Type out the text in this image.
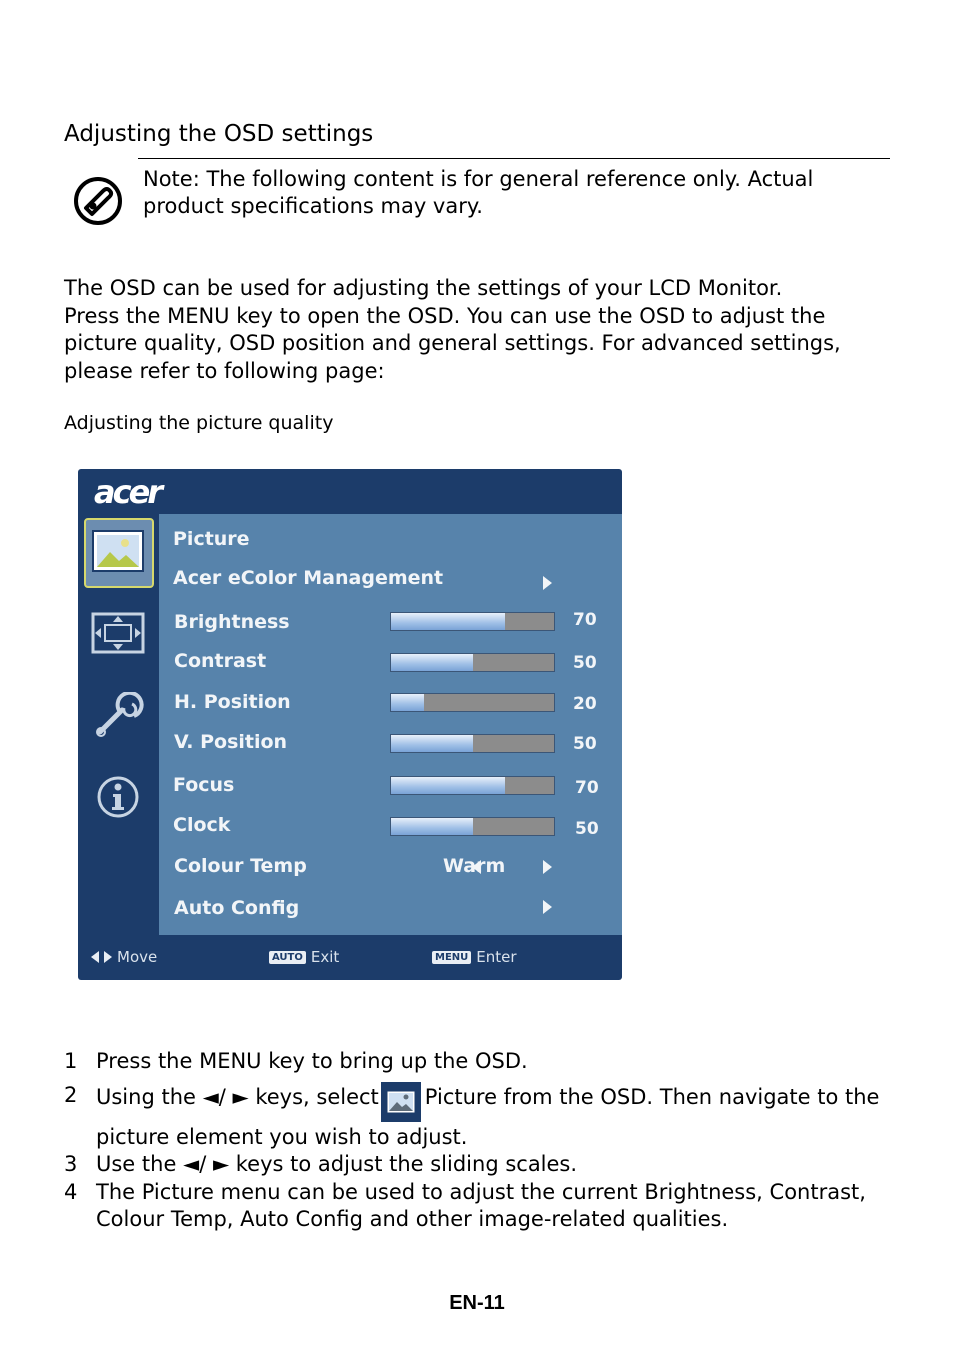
Adjusting the OSD settings
Note: The following content is for general reference only. Actual product specifications may vary.
The OSD can be used for adjusting the settings of your LCD Monitor.
Press the MENU key to open the OSD. You can use the OSD to adjust the
picture quality, OSD position and general settings. For advanced settings,
please refer to following page:
Adjusting the picture quality
acer
Picture
Acer eColor Management
Brightness	70
Contrast	50
H. Position	20
V. Position	50
Focus	70
Clock	50
Colour Temp	Warm
Auto Config
Move	AUTO Exit	MENU Enter
1 Press the MENU key to bring up the OSD.
2 Using the ◄/ ► keys, select Picture from the OSD. Then navigate to the
picture element you wish to adjust.
3 Use the ◄/ ► keys to adjust the sliding scales.
4 The Picture menu can be used to adjust the current Brightness, Contrast, Colour Temp, Auto Config and other image-related qualities.
EN-11
